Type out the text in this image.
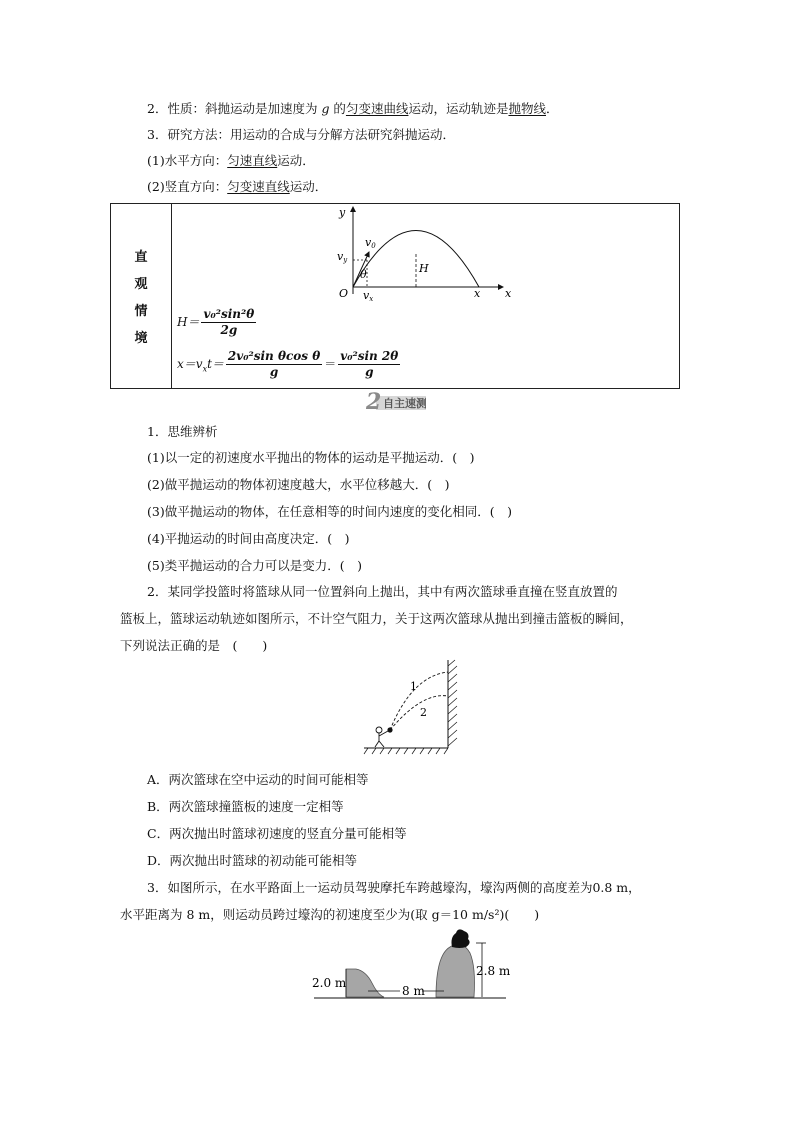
2．性质：斜抛运动是加速度为 g 的匀变速曲线运动，运动轨迹是抛物线．
3．研究方法：用运动的合成与分解方法研究斜抛运动．
(1)水平方向：匀速直线运动．
(2)竖直方向：匀变速直线运动．
直
观
情
境
y
x
x
O
v0
vy
vx
θ	H
$H= \frac{\text{v₀²sin²θ}}{2g}$
$x=v_xt= \frac{\text{2v₀²sin θcos θ}}{g} = \frac{\text{v₀²sin 2θ}}{g}$
2 自主速测
1．思维辨析
(1)以一定的初速度水平抛出的物体的运动是平抛运动．(　)
(2)做平抛运动的物体初速度越大，水平位移越大．(　)
(3)做平抛运动的物体，在任意相等的时间内速度的变化相同．(　)
(4)平抛运动的时间由高度决定．(　)
(5)类平抛运动的合力可以是变力．(　)
2．某同学投篮时将篮球从同一位置斜向上抛出，其中有两次篮球垂直撞在竖直放置的
篮板上，篮球运动轨迹如图所示，不计空气阻力，关于这两次篮球从抛出到撞击篮板的瞬间，
下列说法正确的是　(　　)
1
2
A．两次篮球在空中运动的时间可能相等
B．两次篮球撞篮板的速度一定相等
C．两次抛出时篮球初速度的竖直分量可能相等
D．两次抛出时篮球的初动能可能相等
3．如图所示，在水平路面上一运动员驾驶摩托车跨越壕沟，壕沟两侧的高度差为0.8 m，
水平距离为 8 m，则运动员跨过壕沟的初速度至少为(取 g＝10 m/s²)(　　)
2.0 m
8 m
2.8 m
